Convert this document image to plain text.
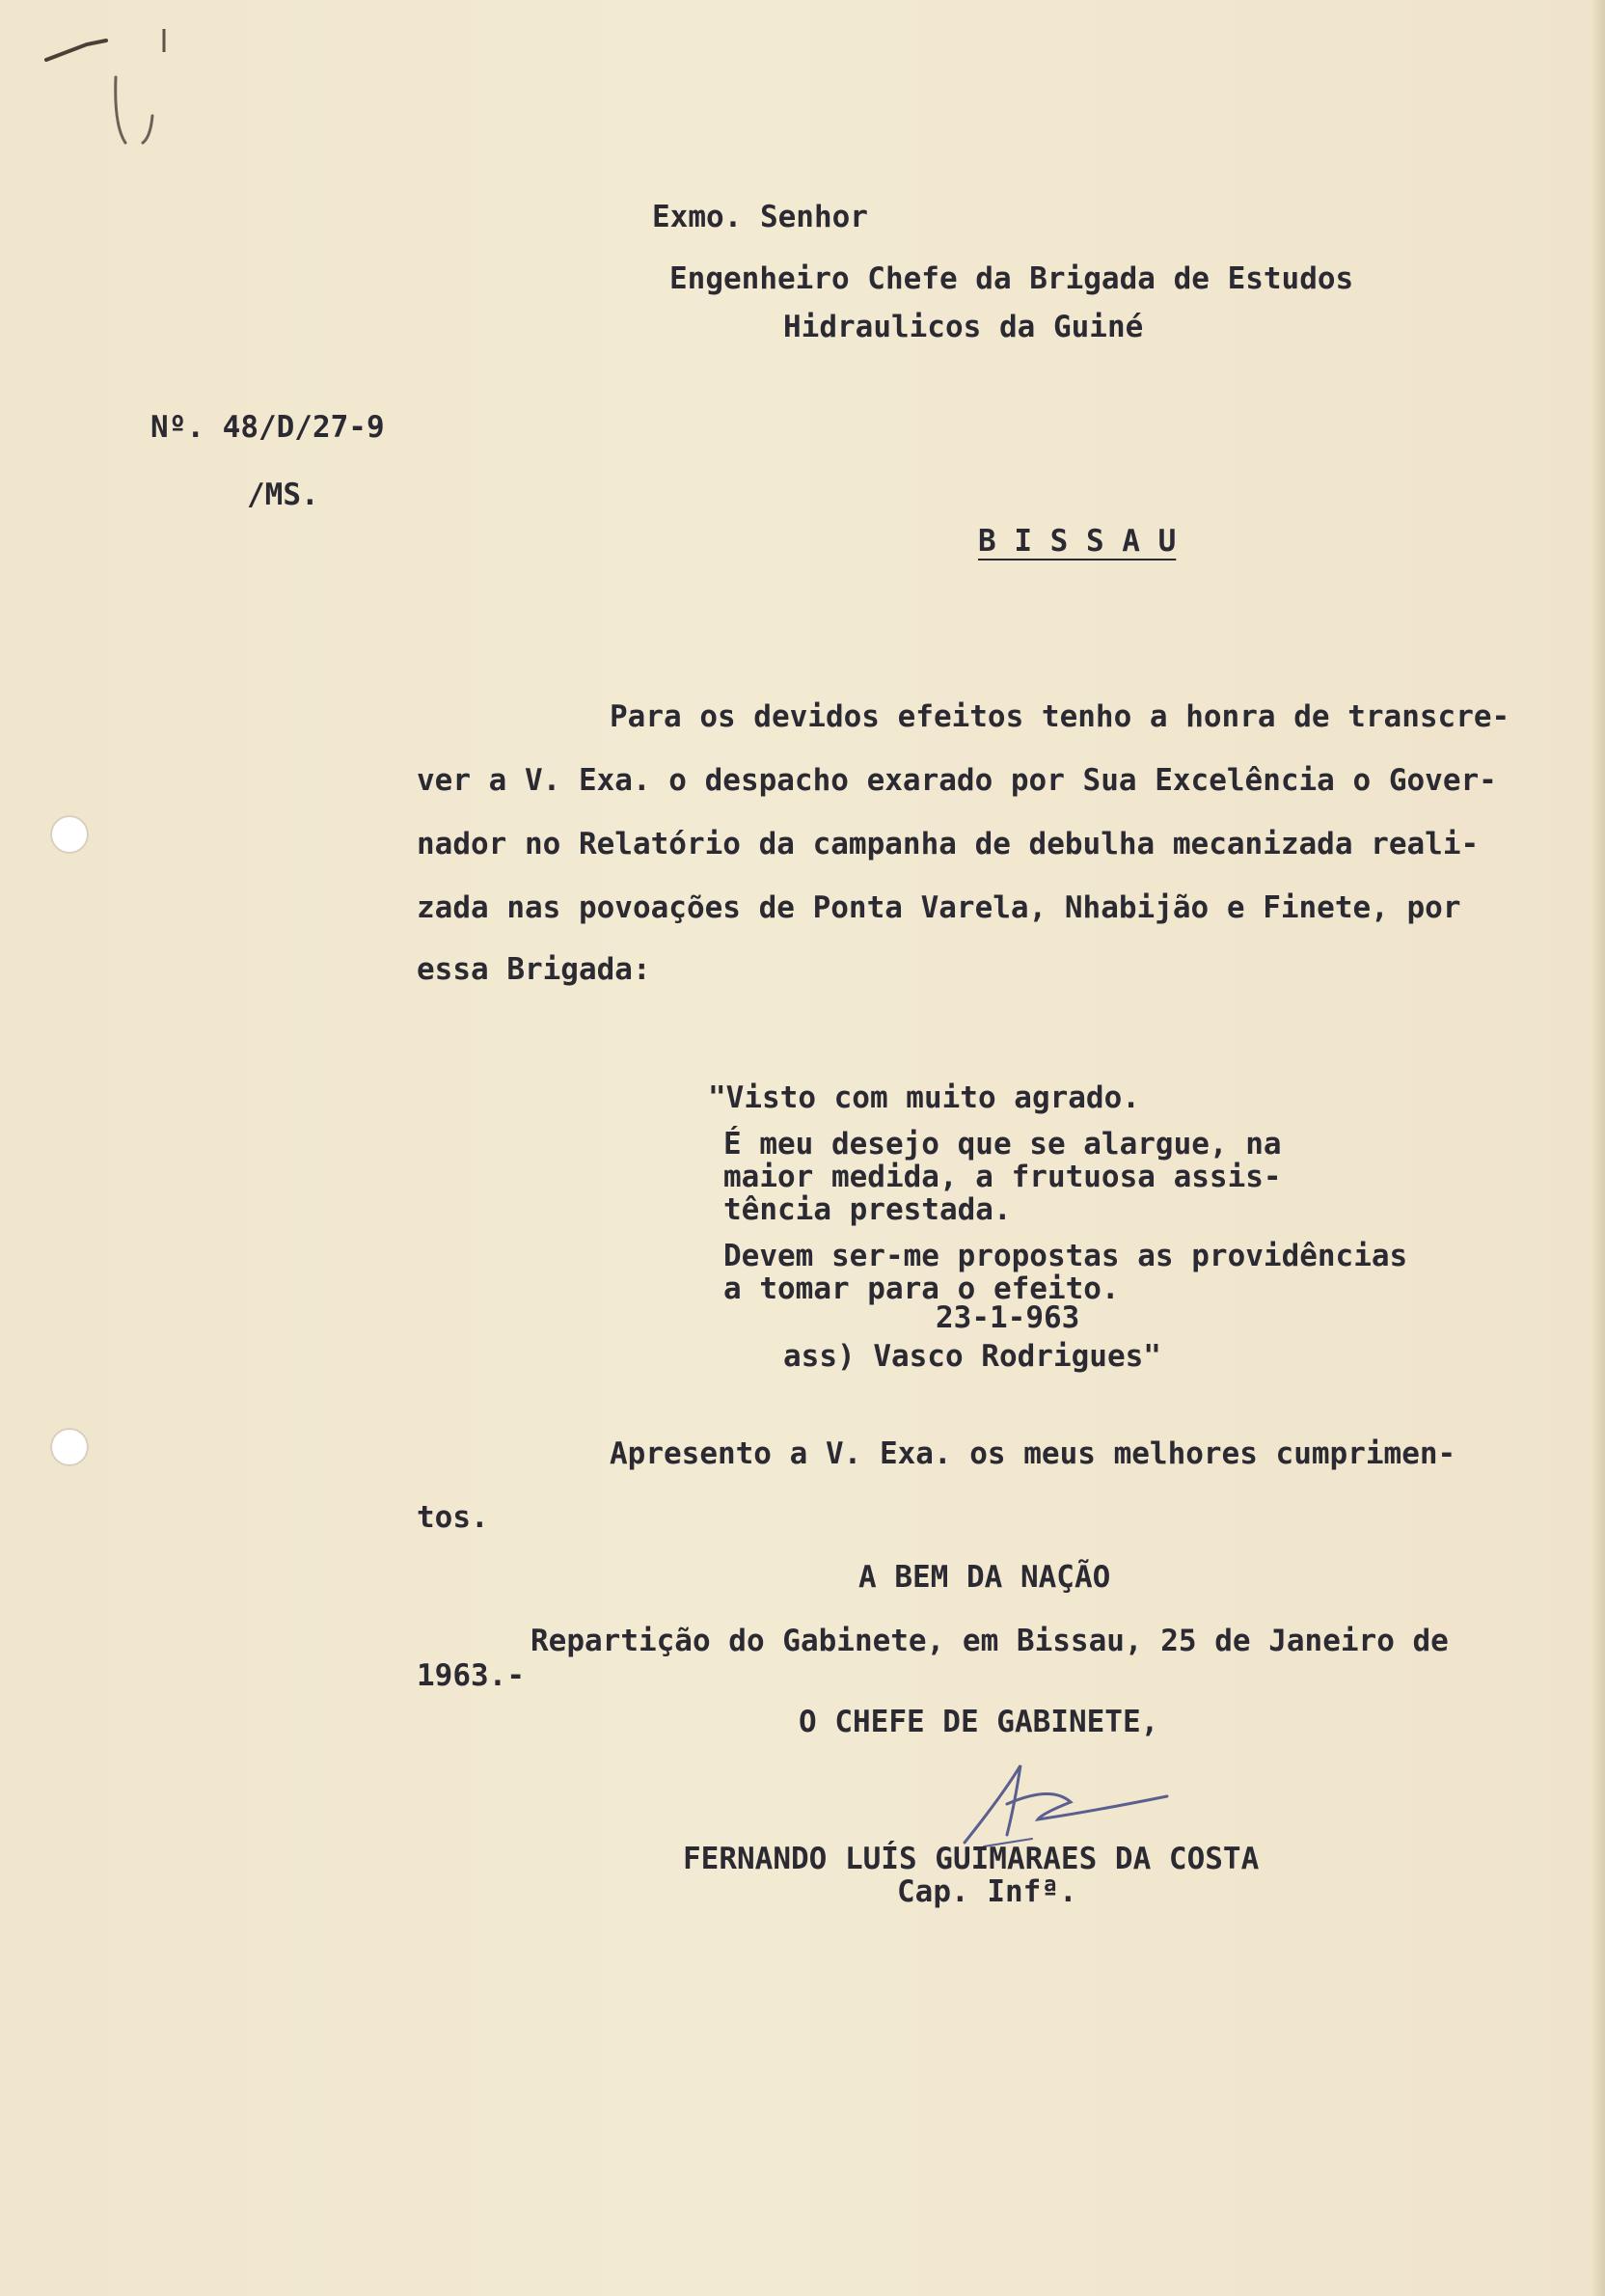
Exmo. Senhor
Engenheiro Chefe da Brigada de Estudos
Hidraulicos da Guiné
Nº. 48/D/27-9
/MS.
B I S S A U
Para os devidos efeitos tenho a honra de transcre-
ver a V. Exa. o despacho exarado por Sua Excelência o Gover-
nador no Relatório da campanha de debulha mecanizada reali-
zada nas povoações de Ponta Varela, Nhabijão e Finete, por
essa Brigada:
"Visto com muito agrado.
É meu desejo que se alargue, na
maior medida, a frutuosa assis-
tência prestada.
Devem ser-me propostas as providências
a tomar para o efeito.
23-1-963
ass) Vasco Rodrigues"
Apresento a V. Exa. os meus melhores cumprimen-
tos.
A BEM DA NAÇÃO
Repartição do Gabinete, em Bissau, 25 de Janeiro de
1963.-
O CHEFE DE GABINETE,
FERNANDO LUÍS GUIMARAES DA COSTA
Cap. Infª.
